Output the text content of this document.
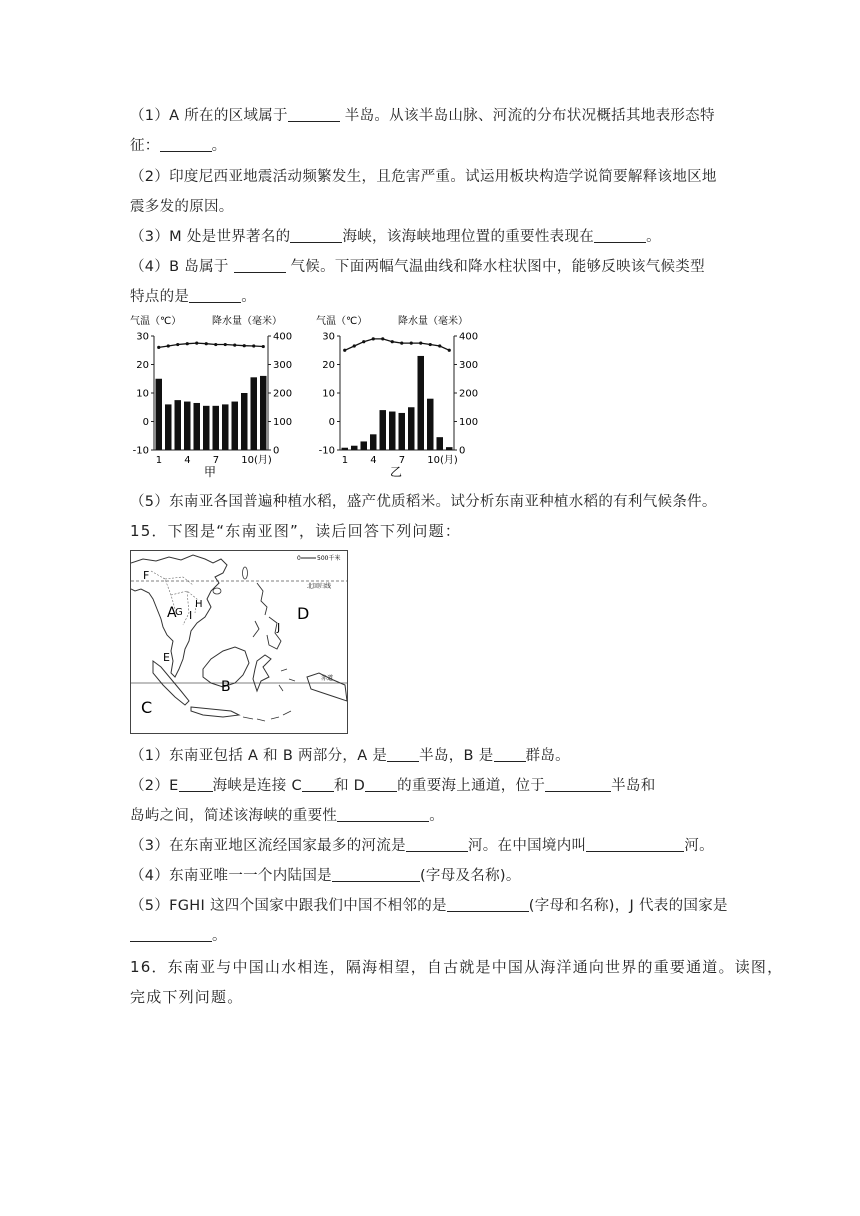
（1）A 所在的区域属于	半岛。从该半岛山脉、河流的分布状况概括其地表形态特
征：	。
（2）印度尼西亚地震活动频繁发生，且危害严重。试运用板块构造学说简要解释该地区地
震多发的原因。
（3）M 处是世界著名的	海峡，该海峡地理位置的重要性表现在	。
（4）B 岛属于	气候。下面两幅气温曲线和降水柱状图中，能够反映该气候类型
特点的是	。
气温（℃）	降水量（毫米）
30
20
10
0
-10
400
300
200
100
0
1 4 7 10(月)
甲
气温（℃）	降水量（毫米）
30
20
10
0
-10
400
300
200
100
0
1 4 7 10(月)
乙
（5）东南亚各国普遍种植水稻，盛产优质稻米。试分析东南亚种植水稻的有利气候条件。
15．下图是“东南亚图”，读后回答下列问题：
北回归线
赤道
0	500千米
F
A
G I
H
E
D
J
B
C
（1）东南亚包括 A 和 B 两部分，A 是 半岛，B 是 群岛。
（2）E 海峡是连接 C 和 D 的重要海上通道，位于	半岛和
岛屿之间，简述该海峡的重要性	。
（3）在东南亚地区流经国家最多的河流是	河。在中国境内叫	河。
（4）东南亚唯一一个内陆国是	(字母及名称)。
（5）FGHI 这四个国家中跟我们中国不相邻的是	(字母和名称)，J 代表的国家是
。
16．东南亚与中国山水相连，隔海相望，自古就是中国从海洋通向世界的重要通道。读图，
完成下列问题。
